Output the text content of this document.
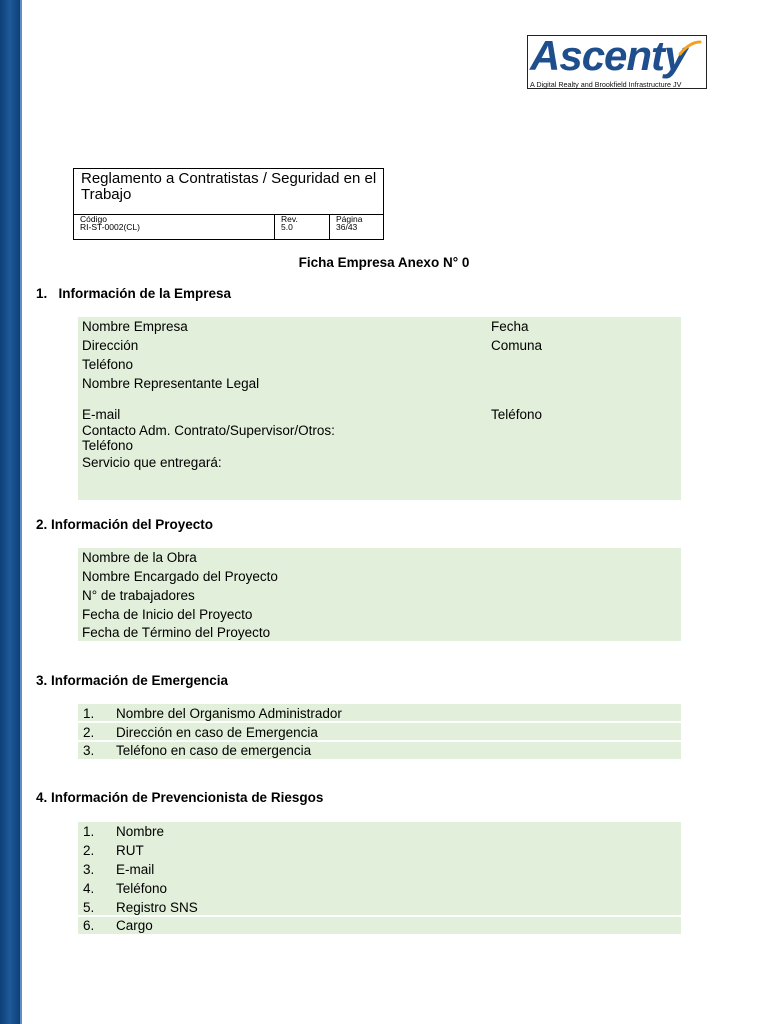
Ascenty
A Digital Realty and Brookfield Infrastructure JV
Reglamento a Contratistas / Seguridad en el Trabajo
Código
RI-ST-0002(CL)
Rev.
5.0
Página
36/43
Ficha Empresa Anexo N° 0
1.   Información de la Empresa
Nombre Empresa	Fecha
Dirección	Comuna
Teléfono
Nombre Representante Legal
E-mail	Teléfono
Contacto Adm. Contrato/Supervisor/Otros:
Teléfono
Servicio que entregará:
2. Información del Proyecto
Nombre de la Obra
Nombre Encargado del Proyecto
N° de trabajadores
Fecha de Inicio del Proyecto
Fecha de Término del Proyecto
3. Información de Emergencia
1. Nombre del Organismo Administrador
2. Dirección en caso de Emergencia
3. Teléfono en caso de emergencia
4. Información de Prevencionista de Riesgos
1. Nombre
2. RUT
3. E-mail
4. Teléfono
5. Registro SNS
6. Cargo
